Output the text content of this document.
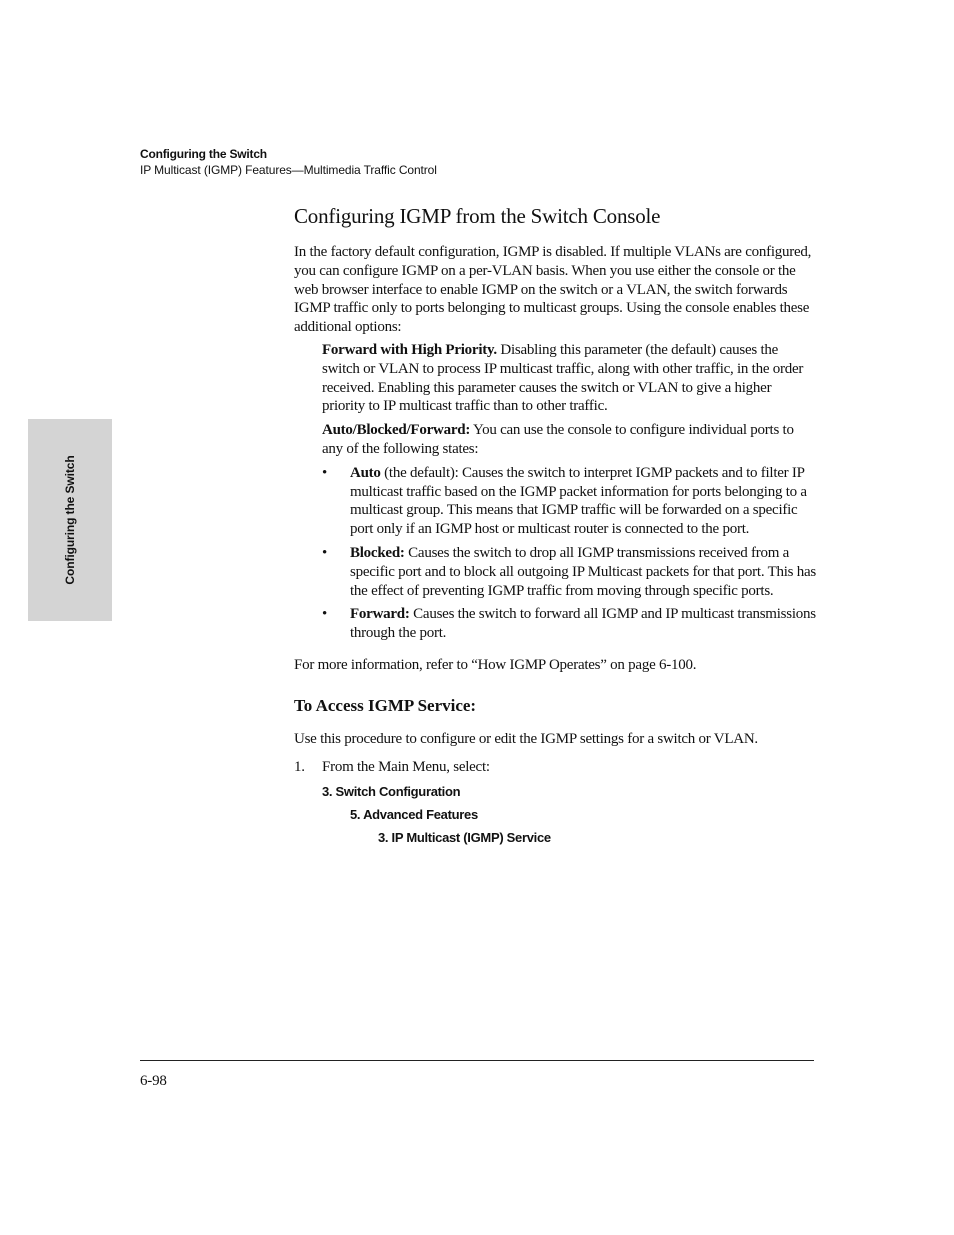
Configuring the Switch
IP Multicast (IGMP) Features—Multimedia Traffic Control
Configuring the Switch
Configuring IGMP from the Switch Console

In the factory default configuration, IGMP is disabled. If multiple VLANs are configured, you can configure IGMP on a per-VLAN basis. When you use either the console or the web browser interface to enable IGMP on the switch or a VLAN, the switch forwards IGMP traffic only to ports belonging to multicast groups. Using the console enables these additional options:

Forward with High Priority. Disabling this parameter (the default) causes the switch or VLAN to process IP multicast traffic, along with other traffic, in the order received. Enabling this parameter causes the switch or VLAN to give a higher priority to IP multicast traffic than to other traffic.

Auto/Blocked/Forward: You can use the console to configure individual ports to any of the following states:

• Auto (the default): Causes the switch to interpret IGMP packets and to filter IP multicast traffic based on the IGMP packet information for ports belonging to a multicast group. This means that IGMP traffic will be forwarded on a specific port only if an IGMP host or multicast router is connected to the port.
• Blocked: Causes the switch to drop all IGMP transmissions received from a specific port and to block all outgoing IP Multicast packets for that port. This has the effect of preventing IGMP traffic from moving through specific ports.
• Forward: Causes the switch to forward all IGMP and IP multicast transmissions through the port.

For more information, refer to “How IGMP Operates” on page 6-100.

To Access IGMP Service:

Use this procedure to configure or edit the IGMP settings for a switch or VLAN.

1. From the Main Menu, select:

3. Switch Configuration
5. Advanced Features
3. IP Multicast (IGMP) Service
6-98
